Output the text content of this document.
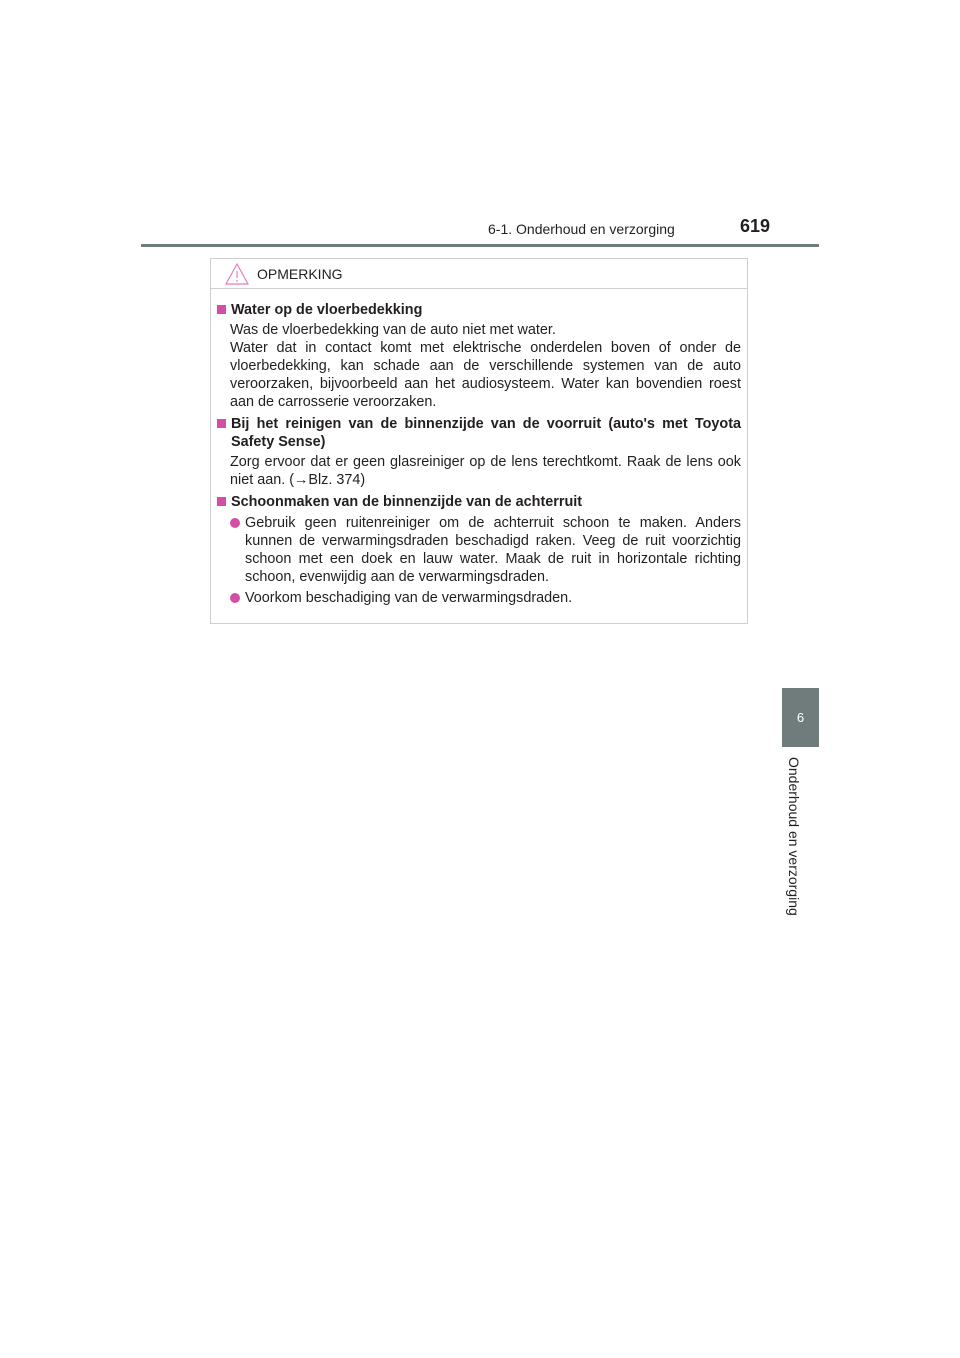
6-1. Onderhoud en verzorging	619
6
Onderhoud en verzorging
OPMERKING
Water op de vloerbedekking
Was de vloerbedekking van de auto niet met water.
Water dat in contact komt met elektrische onderdelen boven of onder de vloerbedekking, kan schade aan de verschillende systemen van de auto veroorzaken, bijvoorbeeld aan het audiosysteem. Water kan bovendien roest aan de carrosserie veroorzaken.
Bij het reinigen van de binnenzijde van de voorruit (auto's met Toyota Safety Sense)
Zorg ervoor dat er geen glasreiniger op de lens terechtkomt. Raak de lens ook niet aan. (→Blz. 374)
Schoonmaken van de binnenzijde van de achterruit
Gebruik geen ruitenreiniger om de achterruit schoon te maken. Anders kunnen de verwarmingsdraden beschadigd raken. Veeg de ruit voorzichtig schoon met een doek en lauw water. Maak de ruit in horizontale richting schoon, evenwijdig aan de verwarmingsdraden.
Voorkom beschadiging van de verwarmingsdraden.
